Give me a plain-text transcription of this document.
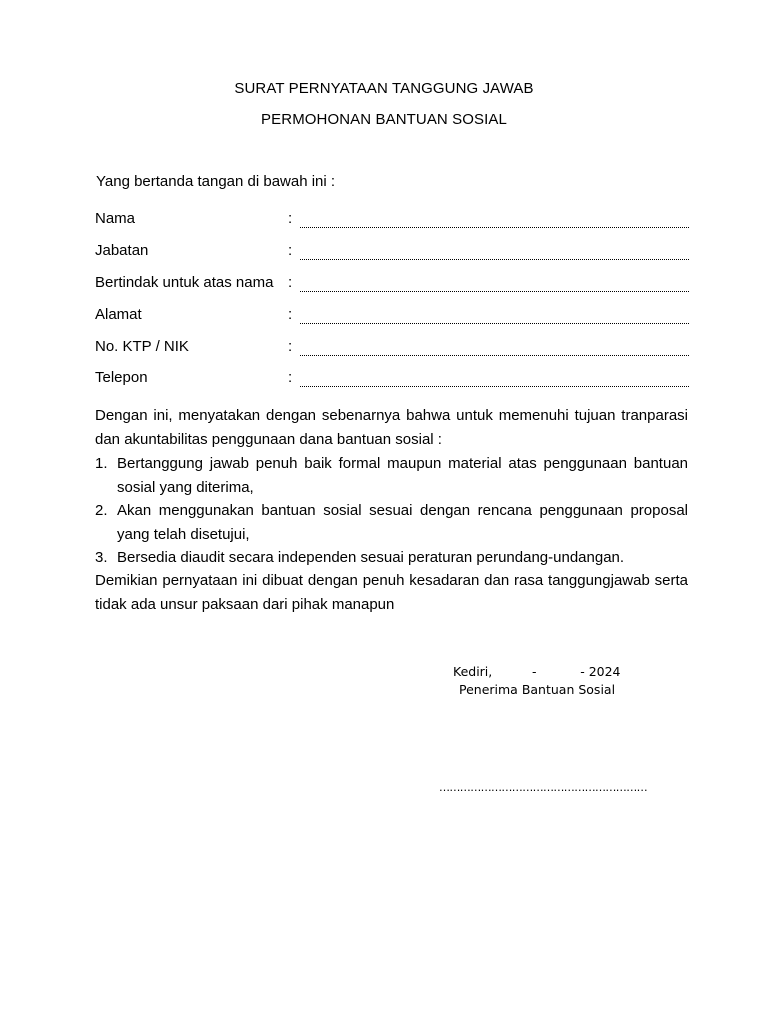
SURAT PERNYATAAN TANGGUNG JAWAB
PERMOHONAN BANTUAN SOSIAL
Yang bertanda tangan di bawah ini :
Nama	:
Jabatan	:
Bertindak untuk atas nama :
Alamat	:
No. KTP / NIK	:
Telepon	:
Dengan ini, menyatakan dengan sebenarnya bahwa untuk memenuhi tujuan tranparasi
dan akuntabilitas penggunaan dana bantuan sosial :
1. Bertanggung jawab penuh baik formal maupun material atas penggunaan bantuan sosial yang diterima,
2. Akan menggunakan bantuan sosial sesuai dengan rencana penggunaan proposal yang telah disetujui,
3. Bersedia diaudit secara independen sesuai peraturan perundang-undangan.
Demikian pernyataan ini dibuat dengan penuh kesadaran dan rasa tanggungjawab serta tidak ada unsur paksaan dari pihak manapun
Kediri,          -           - 2024
Penerima Bantuan Sosial
……………………………………………………
